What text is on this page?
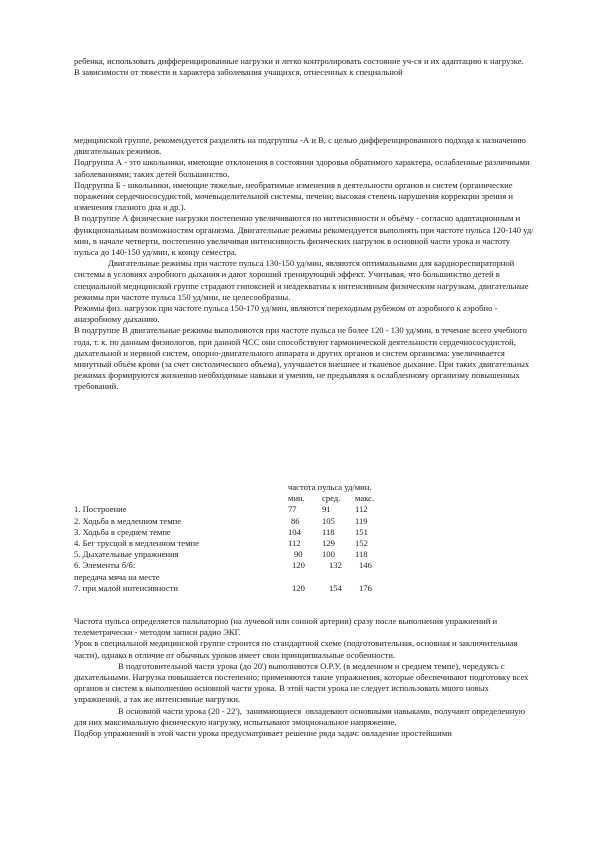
ребенка, использовать дифференцированные нагрузки и легко контролировать состояние уч-ся и их адаптацию к нагрузке.

В зависимости от тяжести и характера заболевания учащихся, отнесенных к специальной

медицинской группе, рекомендуется разделять на подгруппы -А и В, с целью дифференцированного подхода к назначению двигательных режимов.

Подгруппа А - это школьники, имеющие отклонения в состоянии здоровья обратимого характера, ослабленные различными заболеваниями; таких детей большинство.

Подгруппа Б - школьники, имеющие тяжелые, необратимые изменения в деятельности органов и систем (органические поражения сердечнососудистой, мочевыделительной системы, печени; высокая степень нарушения коррекции зрения и изменения глазного дна и др.).

В подгруппе А физические нагрузки постепенно увеличиваются по интенсивности и объёму - согласно адаптационным и функциональным возможностям организма. Двигательные режимы рекомендуется выполнять при частоте пульса 120-140 уд/мин, в начале четверти, постепенно увеличивая интенсивность физических нагрузок в основной части урока и частоту пульса до 140-150 уд/мин, к концу семестра.

Двигательные режимы при частоте пульса 130-150 уд/мин, являются оптимальными для кардиореспираторной системы в условиях аэробного дыхания и дают хороший тренирующий эффект. Учитывая, что большинство детей в специальной медицинской группе страдают гипоксией и неадекватны к интенсивным физическим нагрузкам, двигательные режимы при частоте пульса 150 уд/мин, не целесообразны.

Режимы физ. нагрузок при частоте пульса 150-170 уд/мин, являются переходным рубежом от аэробного к аэробно - анаэробному дыханию.

В подгруппе В двигательные режимы выполняются при частоте пульса не более 120 - 130 уд/мин, в течение всего учебного года, т. к. по данным физиологов, при данной ЧСС они способствуют гармонической деятельности сердечнососудистой, дыхательной и нервной систем, опорно-двигательного аппарата и других органов и систем организма: увеличивается минутный объём крови (за счет систолического объема), улучшается внешнее и тканевое дыхание. При таких двигательных режимах формируются жизненно необходимые навыки и умения, не предъявляя к ослабленному организму повышенных требований.

частота пульса уд/мин.
мин. сред. макс.
1. Построение	77	91	112
2. Ходьба в медленном темпе	86	105 119
3. Ходьба в среднем темпе	104 118 151
4. Бег трусцой в медленном темпе	112 129 152
5. Дыхательные упражнения	90 100 118
6. Элементы б/б:	120	132 146
передача мяча на месте
7. при малой интенсивности	120	154 176

Частота пульса определяется пальпаторно (на лучевой или сонной артерии) сразу после выполнения упражнений и телеметрически - методом записи радио ЭКГ.

Урок в специальной медицинской группе строится по стандартной схеме (подготовительная, основная и заключительная части), однако в отличие от обычных уроков имеет свои принципиальные особенности.

В подготовительной части урока (до 20') выполняются О.Р.У. (в медленном и среднем темпе), чередуясь с дыхательными. Нагрузка повышается постепенно; применяются такие упражнения, которые обеспечивают подготовку всех органов и систем к выполнению основной части урока. В этой части урока не следует использовать много новых упражнений, а так же интенсивные нагрузки.

В основной части урока (20 - 22'),  занимающиеся  овладевают основными навыками, получают определенную для них максимальную физическую нагрузку, испытывают эмоциональное напряжение.

Подбор упражнений в этой части урока предусматривает решение ряда задач: овладение простейшими
